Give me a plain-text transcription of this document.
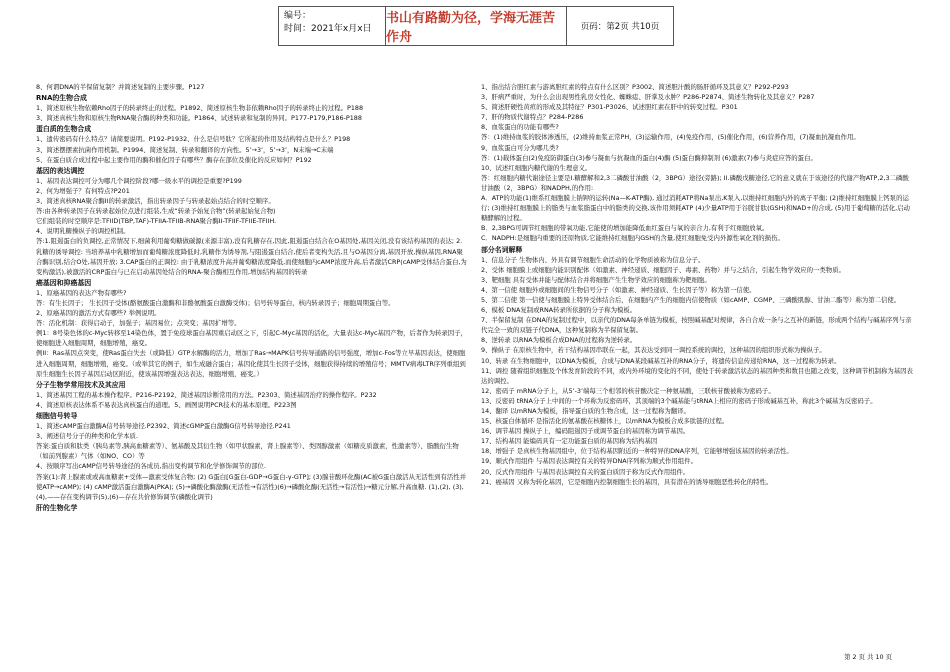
编号：
时间：2021年x月x日
书山有路勤为径，学海无涯苦作舟
页码：第2页 共10页

8、何谓DNA的半保留复制？并简述复制的主要步骤。P127

RNA的生物合成

1、简述原核生物依赖Rho因子的转录终止的过程。P1892、简述原核生物非依赖Rho因子的转录终止的过程。P188

3、简述真核生物和原核生物RNA聚合酶的种类和功能。P1864、试述转录和复制的异同。P177-P179,P186-P188

蛋白质的生物合成

1、遗传密码有什么特点？请简要说明。P192-P1932、什么是信号肽？它所起的作用及结构特点是什么？P198

3、简述摆摆素抗菌作用机制。P1994、简述复制、转录和翻译的方向性。5’→3’，5’→3’，N末端→C末端

5、在蛋白质合成过程中起主要作用的酶和催化因子有哪些？酶存在部位及催化的反应如何？P192

基因的表达调控

1、基因表达调控可分为哪几个调控阶段?哪一级水平的调控是重要?P199

2、何为增强子？有何特点?P201

3、简述真核RNA聚合酶II的转录激活，指出转录因子与转录起始点结合的时空顺序。

答:由各种转录因子在转录起始位点进行组装,生成“转录予始复合物”(转录起始复合物)

它们组装的时空顺序是:TFIID(TBP,TAF)-TFIIA-TFIIB-RNA聚合酶II-TFIIF-TFIIE-TFIIH.

4、说明乳糖操纵子的调控机制。

答:1.阻遏蛋白的负调控,正常情况下,细菌利用葡萄糖做碳源(来源丰富),没有乳糖存在,因此,阻遏蛋白结合在O基因处,基因关闭,没有该结构基因的表达; 2.乳糖的诱导调控: 当培养基中乳糖增加而葡萄糖浓度降低时,乳糖作为诱导剂,与阻遏蛋白结合,使后者变构失活,且与O基因分离,基因开放,操纵基因,RNA聚合酶识别,结合O处,基因开放; 3.CAP蛋白的正调控: 由于乳糖浓度升高并葡萄糖浓度降低,而使细胞内cAMP浓度升高,后者激活CRP(cAMP受体结合蛋白,为变构激活),被激活的CRP蛋白与已在启动基因处结合的RNA-聚合酶相互作用,增加结构基因的转录

癌基因和抑癌基因

1、原癌基因的表达产物有哪些?

答：有生长因子； 生长因子受体(酪氨酸蛋白激酶和非酪氨酸蛋白激酶受体)；信号转导蛋白，核内转录因子；细胞周期蛋白等。

2、原癌基因的激活方式有哪些? 举例说明。

答：活化机制：获得启动子，加强子；基因易位；点突变；基因扩增等。

例1：8号染色体的c-Myc转移至14染色体，置于免疫球蛋白基因重启动区之下，引起C-Myc基因的活化，大量表达c-Myc基因产物，后者作为转录因子，使细胞进入细胞周期，细胞增殖，癌变。

例II：Ras基因点突变，使Ras蛋白失去（或降低）GTP水解酶的活力，增加了Ras→MAPK信号传导通路的信号强度，增加c-Fos等立早基因表达，使细胞进入细胞周期，细胞增殖，癌变。（或举其它的例子，如生成融合蛋白；基因化使其生长因子受体，细胞获得持续的增殖信号；MMTV病毒LTR序列重组到原生细胞生长因子基因启动区附近，使该基因增强表达表达，细胞增殖，癌变。）

分子生物学常用技术及其应用

1、简述基因工程的基本操作程序。P216-P2192、简述基因诊断常用的方法。P2303、简述基因治疗的操作程序。P232

4、简述原核表达体系不易表达真核蛋白的道理。5、画图说明PCR技术的基本原理。P223图

细胞信号转导

1、简述cAMP蛋白激酶A信号转导途径.P2392、简述cGMP蛋白激酶G信号转导途径.P241

3、阐述信号分子的种类和化学本质.

答案:蛋白质和肽类（胰岛素等,胰高血糖素等）、氨基酸及其衍生物（如甲状腺素，肾上腺素等）、类固醇激素（如糖皮质激素，性激素等）、脂酸衍生物（如前列腺素）气体（如NO、CO）等

4、按顺序写出cAMP信号转导途径的各成员,指出变构调节和化学修饰调节的部位.

答案(1):肾上腺素或或高血糖素+受体—激素受体复合物; (2) G蛋白[G蛋白-GDP→G蛋白-γ-GTP]; (3)腺苷酸环化酶(AC被G蛋白激活从无活性到有活性并使ATP→cAMP); (4) cAMP激活蛋白激酶A(PKA); (5)→磷酸化酶激酶(无活性→有活性)(6)→磷酸化酶(无活性→有活性)→糖元分解,升高血糖. (1),(2), (3),(4),——存在变构调节(5),(6)—存在共价修饰调节(磷酸化调节)

肝的生物化学

1、指出结合胆红素与游离胆红素的特点有什么区别？P3002、简述胆汁酸的肠肝循环及其意义？P292-P293

3、肝病严重时，为什么会出现男性乳房女性化、蜘蛛痣、肝掌及水肿？P286-P2874、简述生物转化及其意义？P287

5、简述肝硬性黄疸的形成及其特征？P301-P3026、试述胆红素在肝中的转变过程。P301

7、肝的物质代谢特点？P284-P286

8、血浆蛋白的功能有哪些?

答：(1)维持血浆的胶体渗透压，(2)维持血浆正常PH，(3)运输作用，(4)免疫作用，(5)催化作用，(6)营养作用，(7)凝血抗凝血作用。

9、血浆蛋白可分为哪几类?

答：(1)载体蛋白(2)免疫防御蛋白(3)参与凝血与抗凝血的蛋白(4)酶 (5)蛋白酶抑制剂 (6)激素(7)参与炎症应答的蛋白。

10、试述红细胞内糖代谢的生理意义。

答：红细胞内糖代谢途径主要是I.糖酵解和2,3二磷酸甘油酸（2，3BPG）途径(旁路); II.磷酸戊糖途径,它的意义就在于该途径的代谢产物ATP,2,3二磷酸甘油酸（2，3BPG）和NADPH,的作用:

A．ATP的功能(1)维系红细胞膜上钠钾的运转(Na—K-ATP酶), 通过消耗ATP将Na泵出,K泵入,以维持红细胞内外的离子平衡; (2)维持红细胞膜上钙泵的运行; (3)维持红细胞膜上的脂类与血浆脂蛋白中的脂类的交换,该作用须耗ATP (4)少量ATP用于谷胱甘肽(GSH)和NAD+的合成, (5)用于葡萄糖的活化,启动糖酵解的过程。

B．2,3BPG可调节红细胞的带氧功能,它能使的增加能降低血红蛋白与氧的亲合力,有利于红细胞放氧。

C．NADPH:是细胞内重要的还原物质,它能维持红细胞内GSH的含量,使红细胞免受内外源性氧化剂的损伤。

部分名词解释

1、信息分子 生物体内、外具有调节细胞生命活动的化学物质被称为信息分子。

2、受体 细胞膜上或细胞内能识别配体（如激素、神经递质、细胞因子、毒素、药物）并与之结合，引起生物学效应的一类物质。

3、靶细胞 具有受体并能与配体结合并将细胞产生生物学效应的细胞称为靶细胞。

4、第一信使 细胞外或细胞间的生物信号分子（如激素、神经递质、生长因子等）称为第一信使。

5、第二信使 第一信使与细胞膜上特异受体结合后，在细胞内产生的细胞内信使物质（如cAMP、CGMP、三磷酸肌醇、甘油二酯等）称为第二信使。

6、模板 DNA复制或RNA转录所依据的分子称为模板。

7、半保留复制 在DNA的复制过程中，以亲代的DNA每条单链为模板，按照碱基配对规律，各自合成一条与之互补的新链，形成两个结构与碱基序列与亲代完全一致的双链子代DNA，这种复制称为半保留复制。

8、逆转录 以RNA为模板合成DNA的过程称为逆转录。

9、操纵子 在原核生物中，若干结构基因串联在一起，其表达受到同一调控系统的调控，这种基因的组织形式称为操纵子。

10、转录 在生物细胞中，以DNA为模板，合成与DNA某段碱基互补的RNA分子，将遗传信息传递给RNA，这一过程称为转录。

11、调控 随着组织细胞及个体发育阶段的不同，或内外环境的变化的不同，使处于转录激活状态的基因种类和数目也随之改变，这种调节机制称为基因表达的调控。

12、密码子 mRNA分子上，从5’-3’端每三个相邻的核苷酸决定一种氨基酸，三联核苷酸被称为密码子。

13、反密码 tRNA分子上中间的一个环称为反密码环，其顶端的3个碱基能与tRNA上相应的密码子形成碱基互补，称此3个碱基为反密码子。

14、翻译 以mRNA为模板，指导蛋白质的生物合成，这一过程称为翻译。

15、核蛋白体循环 是指活化的氨基酸在核糖体上，以mRNA为模板合成多肽链的过程。

16、调节基因 操纵子上，编码阻遏因子或调节蛋白的基因称为调节基因。

17、结构基因 能编码具有一定功能蛋白质的基因称为结构基因

18、增强子 是真核生物基因组中，位于结构基因附近的一种特异的DNA序列，它能够增强该基因的转录活性。

19、顺式作用组件 与基因表达调控有关的特异DNA序列称为顺式作用组件。

20、反式作用组件 与基因表达调控有关的蛋白质因子称为反式作用组件。

21、癌基因 又称为转化基因，它是细胞内控制细胞生长的基因，具有潜在的诱导细胞恶性转化的特性。

第 2 页 共 10 页
